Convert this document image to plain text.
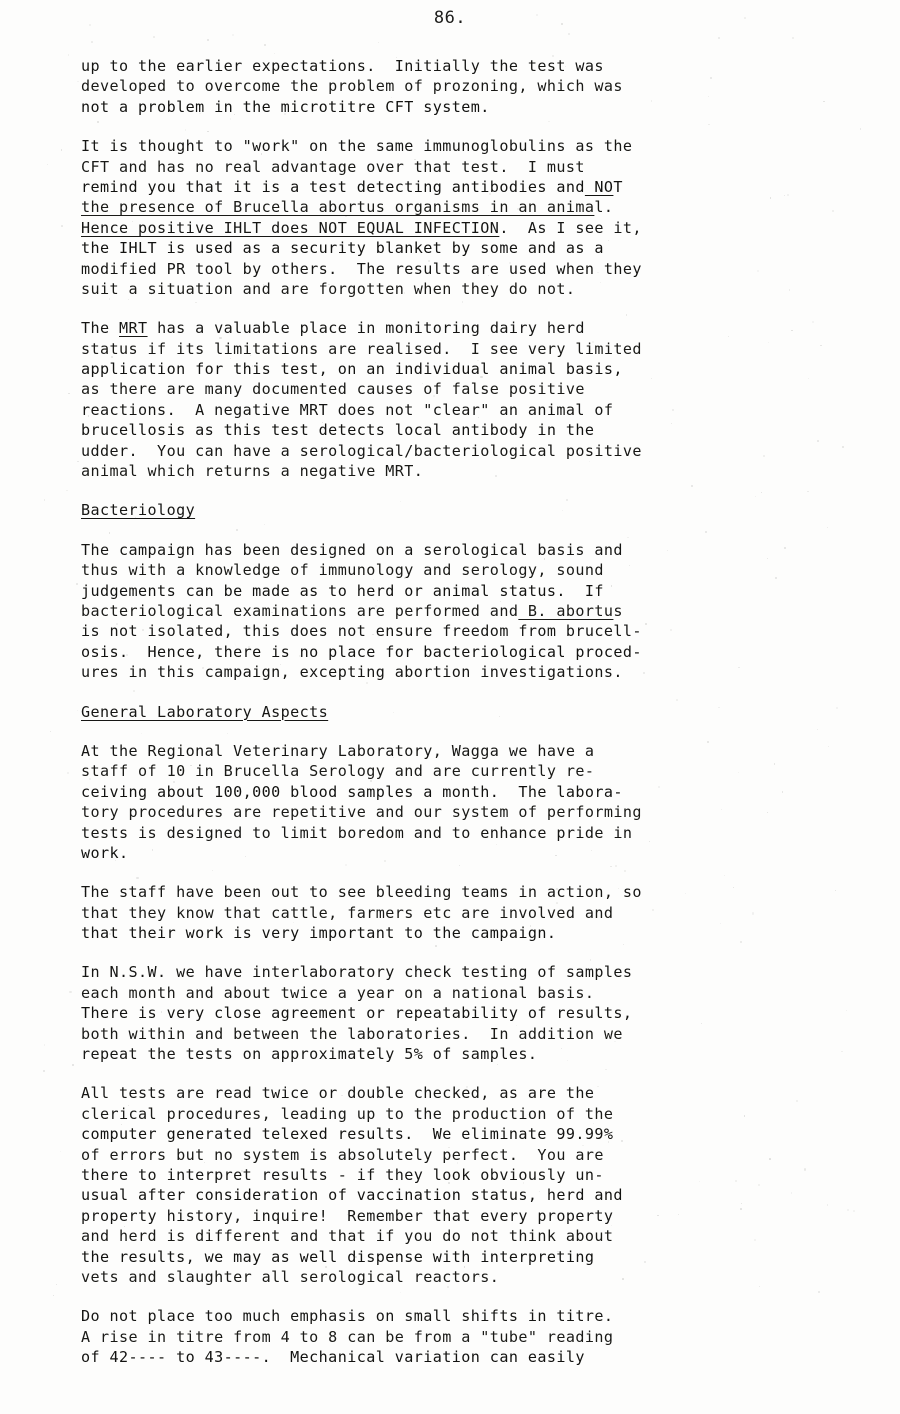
86.
up to the earlier expectations.  Initially the test was
developed to overcome the problem of prozoning, which was
not a problem in the microtitre CFT system.
It is thought to "work" on the same immunoglobulins as the
CFT and has no real advantage over that test.  I must
remind you that it is a test detecting antibodies and NOT
the presence of Brucella abortus organisms in an animal.
Hence positive IHLT does NOT EQUAL INFECTION.  As I see it,
the IHLT is used as a security blanket by some and as a
modified PR tool by others.  The results are used when they
suit a situation and are forgotten when they do not.
The MRT has a valuable place in monitoring dairy herd
status if its limitations are realised.  I see very limited
application for this test, on an individual animal basis,
as there are many documented causes of false positive
reactions.  A negative MRT does not "clear" an animal of
brucellosis as this test detects local antibody in the
udder.  You can have a serological/bacteriological positive
animal which returns a negative MRT.
Bacteriology
The campaign has been designed on a serological basis and
thus with a knowledge of immunology and serology, sound
judgements can be made as to herd or animal status.  If
bacteriological examinations are performed and B. abortus
is not isolated, this does not ensure freedom from brucell-
osis.  Hence, there is no place for bacteriological proced-
ures in this campaign, excepting abortion investigations.
General Laboratory Aspects
At the Regional Veterinary Laboratory, Wagga we have a
staff of 10 in Brucella Serology and are currently re-
ceiving about 100,000 blood samples a month.  The labora-
tory procedures are repetitive and our system of performing
tests is designed to limit boredom and to enhance pride in
work.
The staff have been out to see bleeding teams in action, so
that they know that cattle, farmers etc are involved and
that their work is very important to the campaign.
In N.S.W. we have interlaboratory check testing of samples
each month and about twice a year on a national basis.
There is very close agreement or repeatability of results,
both within and between the laboratories.  In addition we
repeat the tests on approximately 5% of samples.
All tests are read twice or double checked, as are the
clerical procedures, leading up to the production of the
computer generated telexed results.  We eliminate 99.99%
of errors but no system is absolutely perfect.  You are
there to interpret results - if they look obviously un-
usual after consideration of vaccination status, herd and
property history, inquire!  Remember that every property
and herd is different and that if you do not think about
the results, we may as well dispense with interpreting
vets and slaughter all serological reactors.
Do not place too much emphasis on small shifts in titre.
A rise in titre from 4 to 8 can be from a "tube" reading
of 42---- to 43----.  Mechanical variation can easily
